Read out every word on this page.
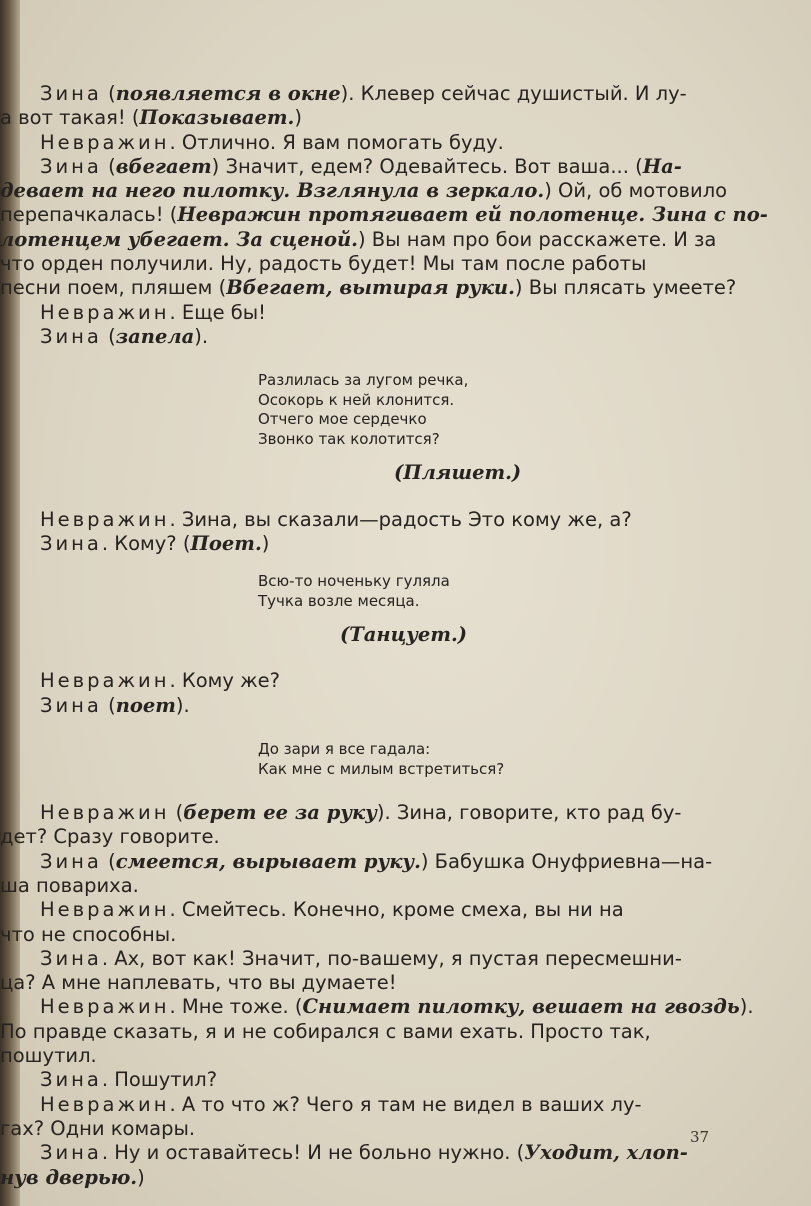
Зина (появляется в окне). Клевер сейчас душистый. И лу-
а вот такая! (Показывает.)
Невражин. Отлично. Я вам помогать буду.
Зина (вбегает) Значит, едем? Одевайтесь. Вот ваша... (На-
девает на него пилотку. Взглянула в зеркало.) Ой, об мотовило
перепачкалась! (Невражин протягивает ей полотенце. Зина с по-
лотенцем убегает. За сценой.) Вы нам про бои расскажете. И за
что орден получили. Ну, радость будет! Мы там после работы
песни поем, пляшем (Вбегает, вытирая руки.) Вы плясать умеете?
Невражин. Еще бы!
Зина (запела).
Разлилась за лугом речка,
Осокорь к ней клонится.
Отчего мое сердечко
Звонко так колотится?
(Пляшет.)
Невражин. Зина, вы сказали—радость Это кому же, а?
Зина. Кому? (Поет.)
Всю-то ноченьку гуляла
Тучка возле месяца.
(Танцует.)
Невражин. Кому же?
Зина (поет).
До зари я все гадала:
Как мне с милым встретиться?
Невражин (берет ее за руку). Зина, говорите, кто рад бу-
дет? Сразу говорите.
Зина (смеется, вырывает руку.) Бабушка Онуфриевна—на-
ша повариха.
Невражин. Смейтесь. Конечно, кроме смеха, вы ни на
что не способны.
Зина. Ах, вот как! Значит, по-вашему, я пустая пересмешни-
ца? А мне наплевать, что вы думаете!
Невражин. Мне тоже. (Снимает пилотку, вешает на гвоздь).
По правде сказать, я и не собирался с вами ехать. Просто так,
пошутил.
Зина. Пошутил?
Невражин. А то что ж? Чего я там не видел в ваших лу-
гах? Одни комары.
Зина. Ну и оставайтесь! И не больно нужно. (Уходит, хлоп-
нув дверью.)
37
